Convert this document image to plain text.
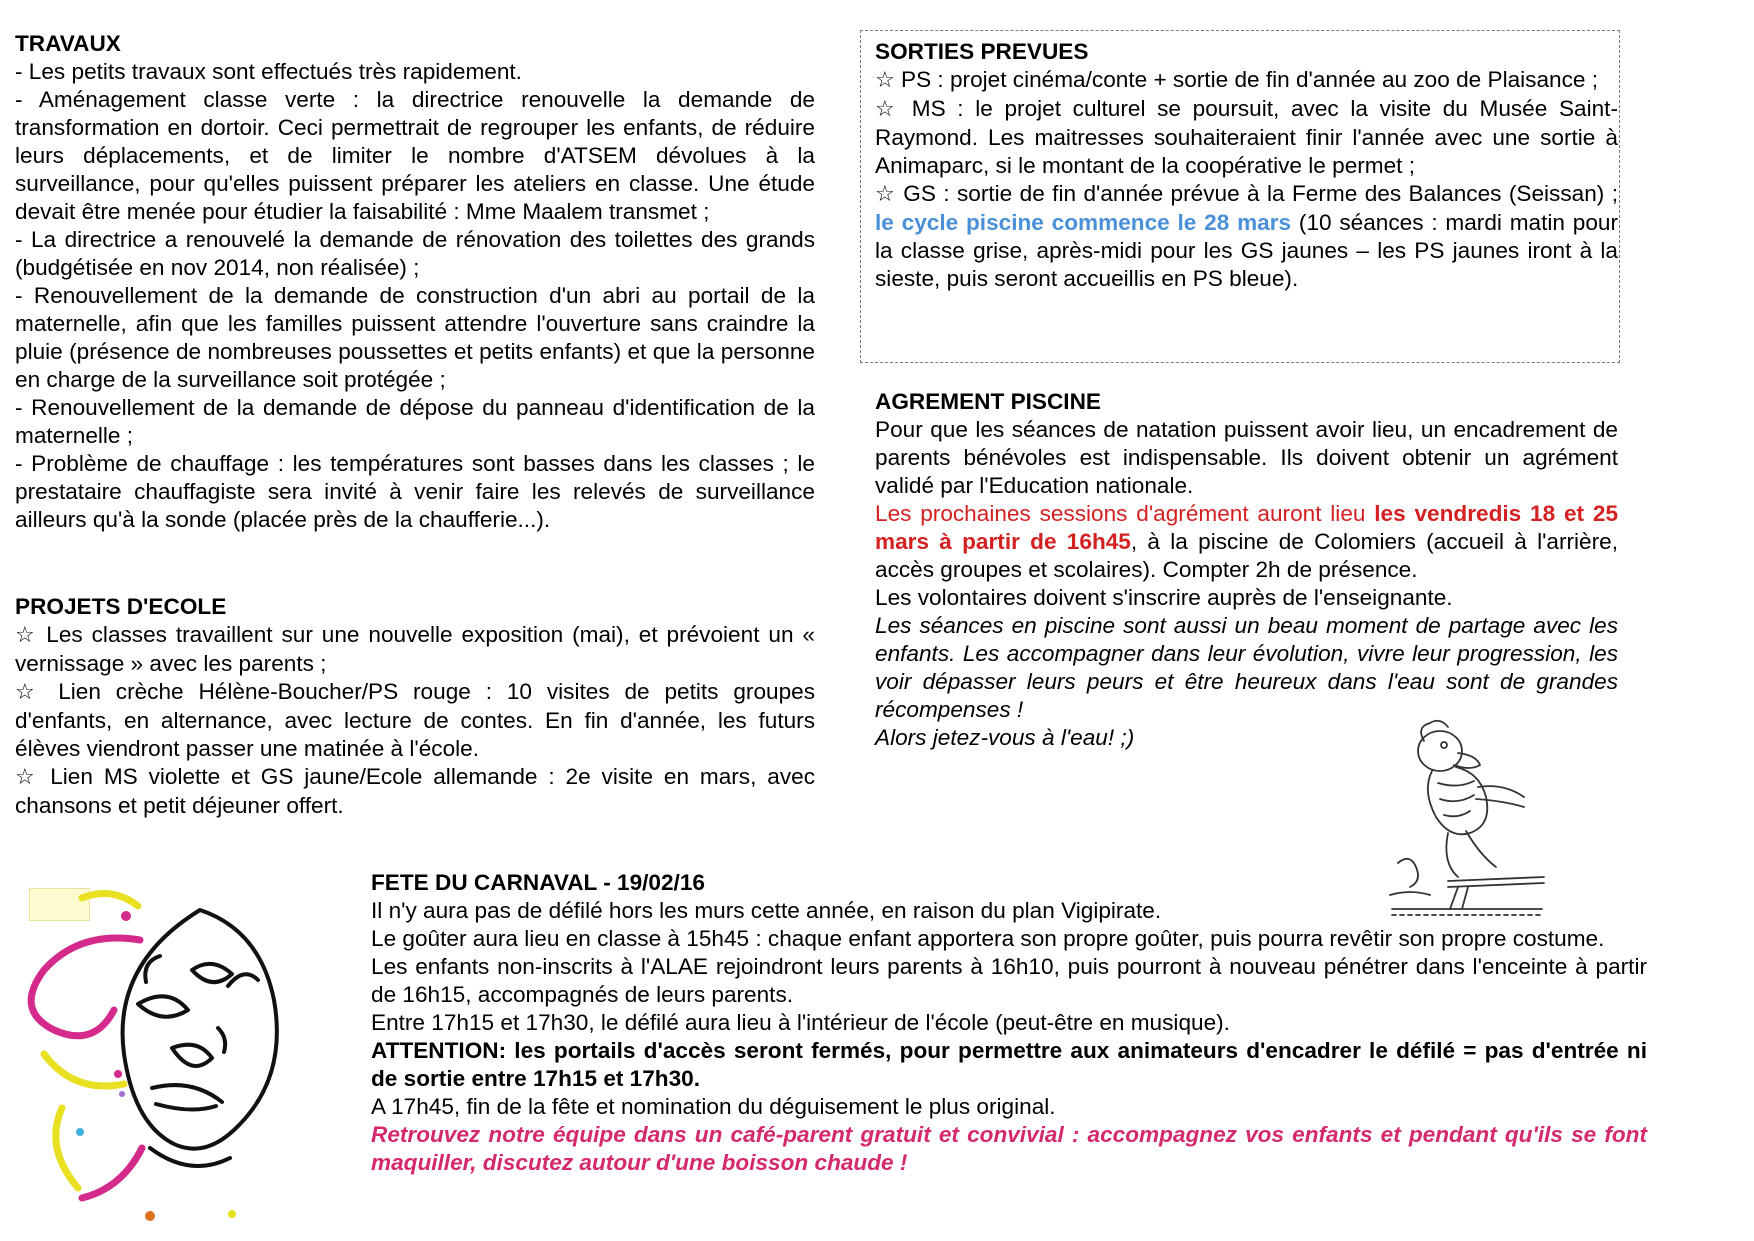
TRAVAUX
- Les petits travaux sont effectués très rapidement.
- Aménagement classe verte : la directrice renouvelle la demande de transformation en dortoir. Ceci permettrait de regrouper les enfants, de réduire leurs déplacements, et de limiter le nombre d'ATSEM dévolues à la surveillance, pour qu'elles puissent préparer les ateliers en classe. Une étude devait être menée pour étudier la faisabilité : Mme Maalem transmet ;
- La directrice a renouvelé la demande de rénovation des toilettes des grands (budgétisée en nov 2014, non réalisée) ;
- Renouvellement de la demande de construction d'un abri au portail de la maternelle, afin que les familles puissent attendre l'ouverture sans craindre la pluie (présence de nombreuses poussettes et petits enfants) et que la personne en charge de la surveillance soit protégée ;
- Renouvellement de la demande de dépose du panneau d'identification de la maternelle ;
- Problème de chauffage : les températures sont basses dans les classes ; le prestataire chauffagiste sera invité à venir faire les relevés de surveillance ailleurs qu'à la sonde (placée près de la chaufferie...).
PROJETS D'ECOLE
☆ Les classes travaillent sur une nouvelle exposition (mai), et prévoient un « vernissage » avec les parents ;
☆ Lien crèche Hélène-Boucher/PS rouge : 10 visites de petits groupes d'enfants, en alternance, avec lecture de contes. En fin d'année, les futurs élèves viendront passer une matinée à l'école.
☆ Lien MS violette et GS jaune/Ecole allemande : 2e visite en mars, avec chansons et petit déjeuner offert.
SORTIES PREVUES
☆ PS : projet cinéma/conte + sortie de fin d'année au zoo de Plaisance ;
☆ MS : le projet culturel se poursuit, avec la visite du Musée Saint-Raymond. Les maitresses souhaiteraient finir l'année avec une sortie à Animaparc, si le montant de la coopérative le permet ;
☆ GS : sortie de fin d'année prévue à la Ferme des Balances (Seissan) ; le cycle piscine commence le 28 mars (10 séances : mardi matin pour la classe grise, après-midi pour les GS jaunes – les PS jaunes iront à la sieste, puis seront accueillis en PS bleue).
AGREMENT PISCINE
Pour que les séances de natation puissent avoir lieu, un encadrement de parents bénévoles est indispensable. Ils doivent obtenir un agrément validé par l'Education nationale.
Les prochaines sessions d'agrément auront lieu les vendredis 18 et 25 mars à partir de 16h45, à la piscine de Colomiers (accueil à l'arrière, accès groupes et scolaires). Compter 2h de présence.
Les volontaires doivent s'inscrire auprès de l'enseignante.
Les séances en piscine sont aussi un beau moment de partage avec les enfants. Les accompagner dans leur évolution, vivre leur progression, les voir dépasser leurs peurs et être heureux dans l'eau sont de grandes récompenses !
Alors jetez-vous à l'eau! ;)
FETE DU CARNAVAL - 19/02/16
Il n'y aura pas de défilé hors les murs cette année, en raison du plan Vigipirate.
Le goûter aura lieu en classe à 15h45 : chaque enfant apportera son propre goûter, puis pourra revêtir son propre costume.
Les enfants non-inscrits à l'ALAE rejoindront leurs parents à 16h10, puis pourront à nouveau pénétrer dans l'enceinte à partir de 16h15, accompagnés de leurs parents.
Entre 17h15 et 17h30, le défilé aura lieu à l'intérieur de l'école (peut-être en musique).
ATTENTION: les portails d'accès seront fermés, pour permettre aux animateurs d'encadrer le défilé = pas d'entrée ni de sortie entre 17h15 et 17h30.
A 17h45, fin de la fête et nomination du déguisement le plus original.
Retrouvez notre équipe dans un café-parent gratuit et convivial : accompagnez vos enfants et pendant qu'ils se font maquiller, discutez autour d'une boisson chaude !
